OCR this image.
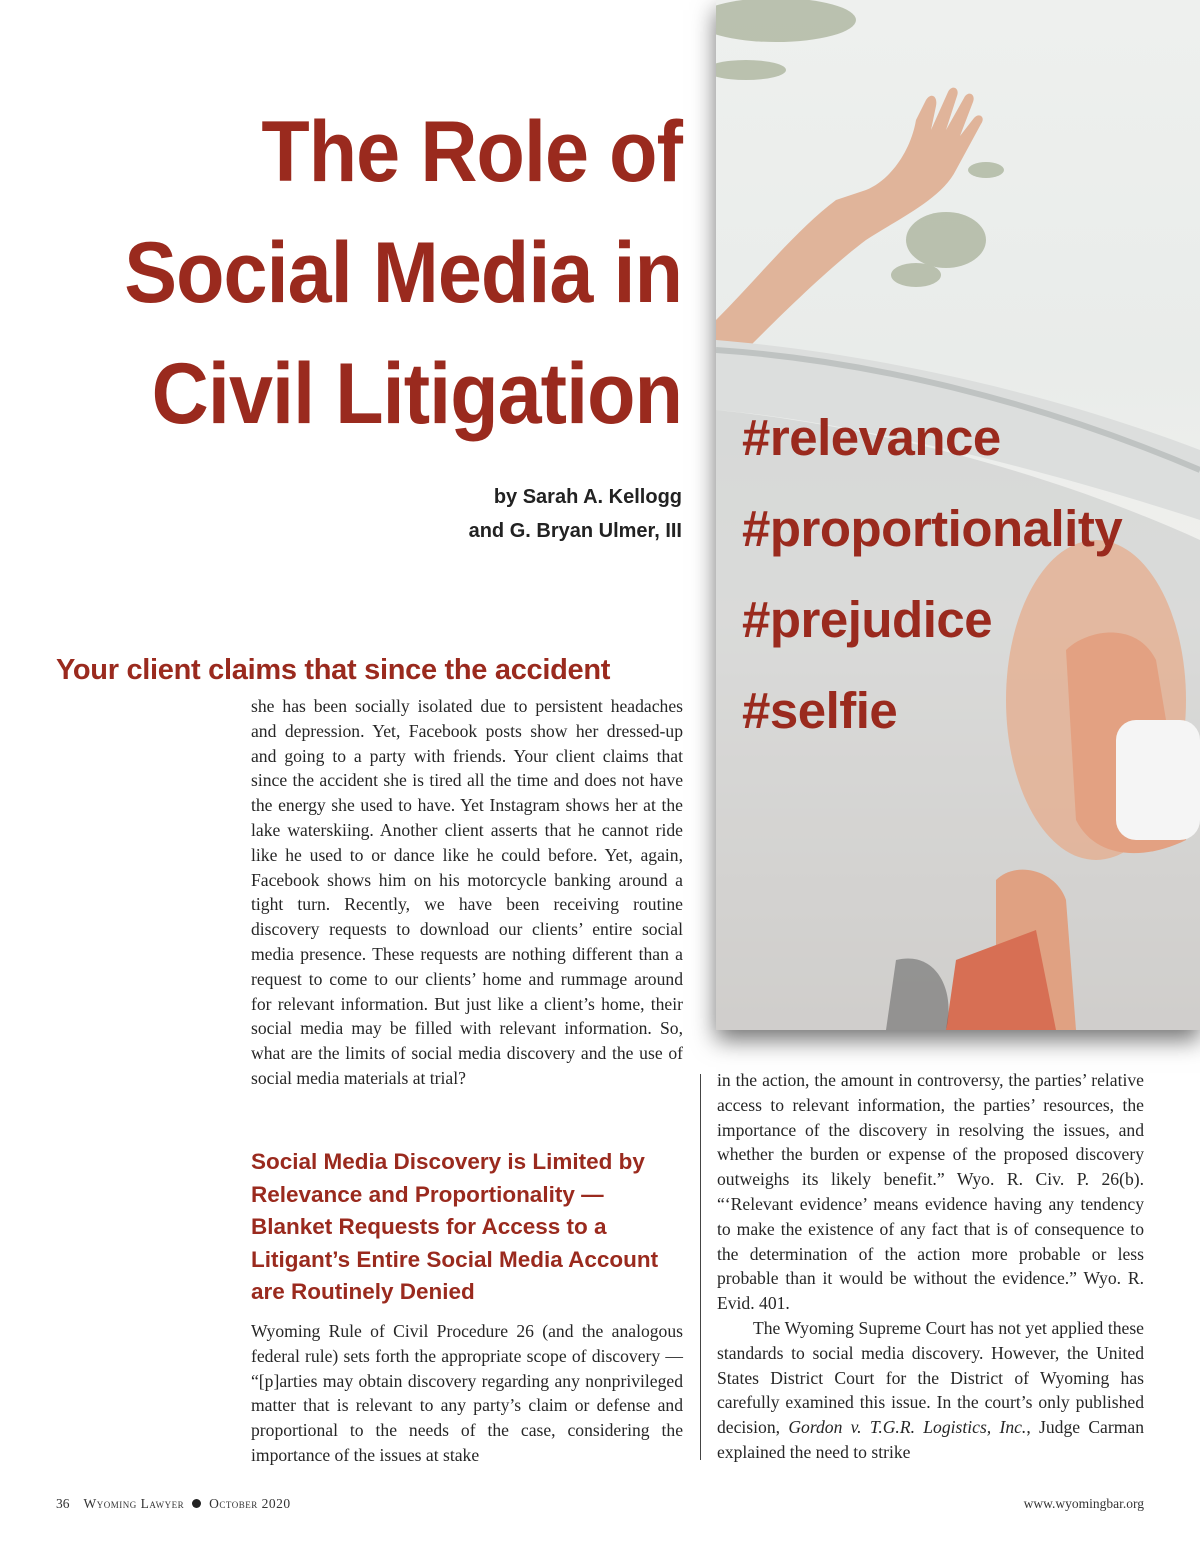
#relevance
#proportionality
#prejudice
#selfie
The Role of
Social Media in
Civil Litigation
by Sarah A. Kellogg
and G. Bryan Ulmer, III
Your client claims that since the accident

she has been socially isolated due to persistent headaches and depression. Yet, Facebook posts show her dressed-up and going to a party with friends. Your client claims that since the accident she is tired all the time and does not have the energy she used to have. Yet Instagram shows her at the lake waterskiing. Another client asserts that he cannot ride like he used to or dance like he could before. Yet, again, Facebook shows him on his motorcycle banking around a tight turn. Recently, we have been receiving routine discovery requests to download our clients’ entire social media presence. These requests are nothing different than a request to come to our clients’ home and rummage around for relevant information. But just like a client’s home, their social media may be filled with relevant information. So, what are the limits of social media discovery and the use of social media materials at trial?

Social Media Discovery is Limited by Relevance and Proportionality — Blanket Requests for Access to a Litigant’s Entire Social Media Account are Routinely Denied

Wyoming Rule of Civil Procedure 26 (and the analogous federal rule) sets forth the appropriate scope of discovery — “[p]arties may obtain discovery regarding any nonprivileged matter that is relevant to any party’s claim or defense and proportional to the needs of the case, considering the importance of the issues at stake

in the action, the amount in controversy, the parties’ relative access to relevant information, the parties’ resources, the importance of the discovery in resolving the issues, and whether the burden or expense of the proposed discovery outweighs its likely benefit.” Wyo. R. Civ. P. 26(b). “‘Relevant evidence’ means evidence having any tendency to make the existence of any fact that is of consequence to the determination of the action more probable or less probable than it would be without the evidence.” Wyo. R. Evid. 401.

The Wyoming Supreme Court has not yet applied these standards to social media discovery. However, the United States District Court for the District of Wyoming has carefully examined this issue. In the court’s only published decision, Gordon v. T.G.R. Logistics, Inc., Judge Carman explained the need to strike

36 Wyoming Lawyer October 2020	www.wyomingbar.org
